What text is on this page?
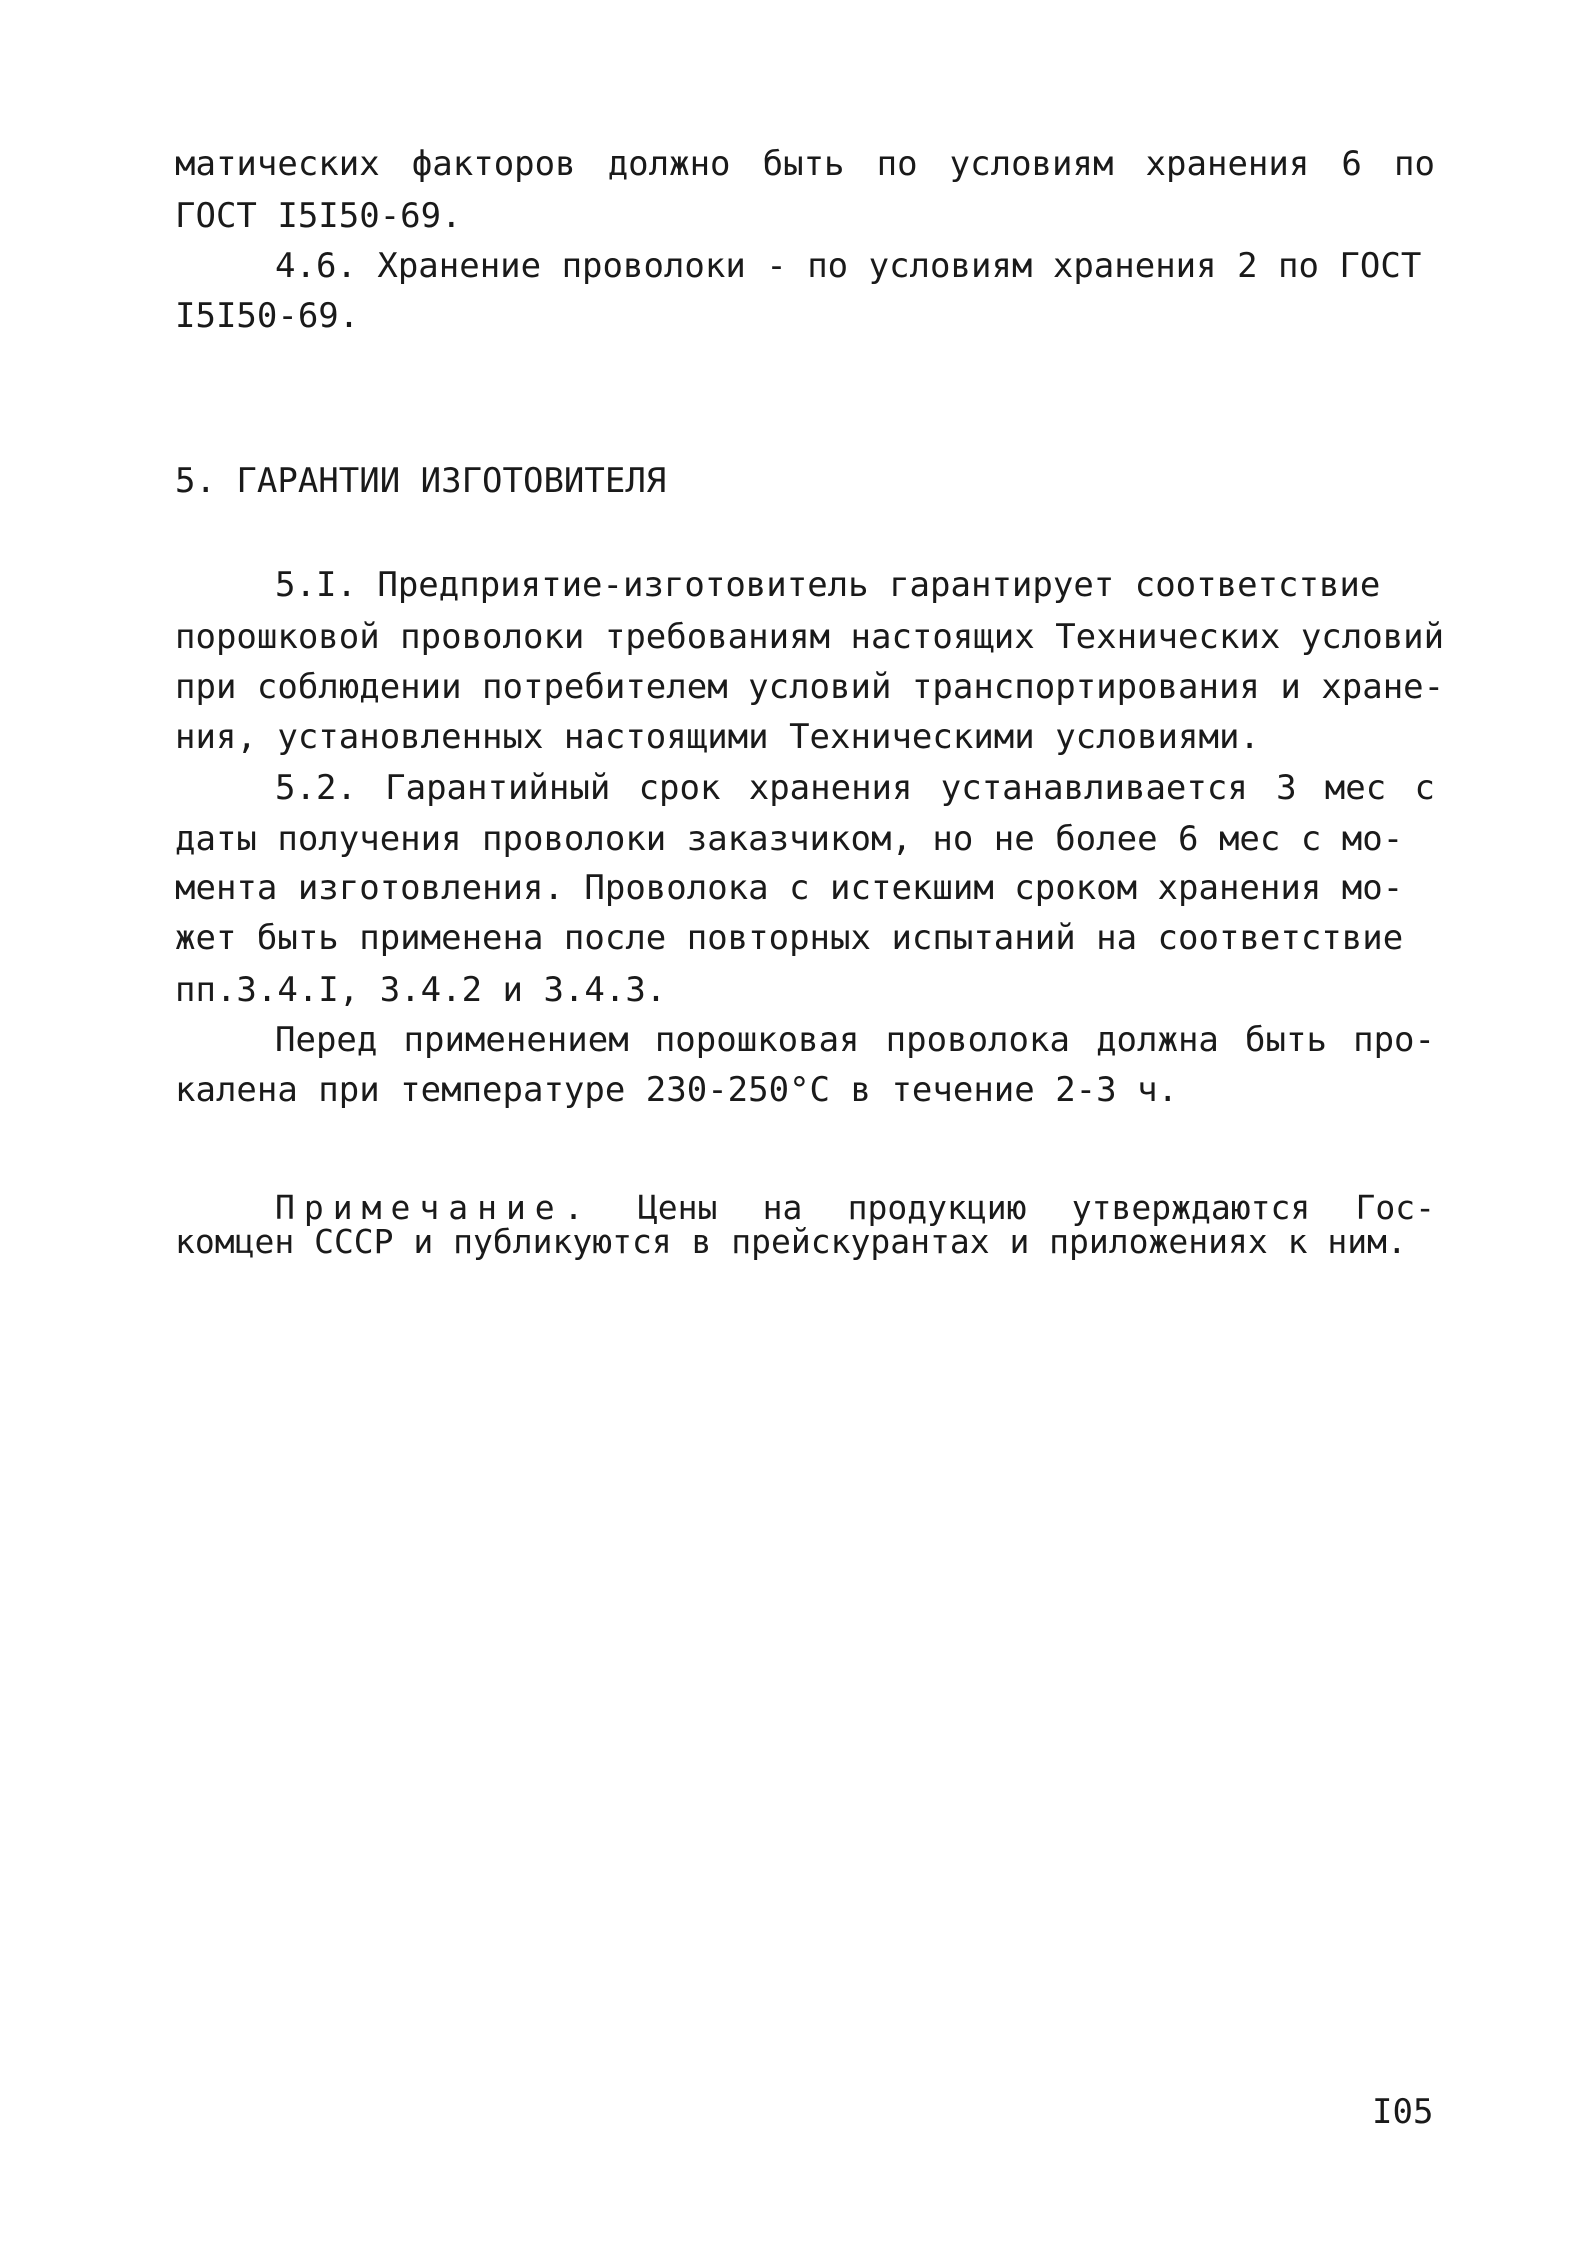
матических факторов должно быть по условиям хранения 6 по
ГОСТ I5I50-69.
4.6. Хранение проволоки - по условиям хранения 2 по ГОСТ
I5I50-69.
5. ГАРАНТИИ ИЗГОТОВИТЕЛЯ
5.I. Предприятие-изготовитель гарантирует соответствие
порошковой проволоки требованиям настоящих Технических условий
при соблюдении потребителем условий транспортирования и хране-
ния, установленных настоящими Техническими условиями.
5.2. Гарантийный срок хранения устанавливается 3 мес с
даты получения проволоки заказчиком, но не более 6 мес с мо-
мента изготовления. Проволока с истекшим сроком хранения мо-
жет быть применена после повторных испытаний на соответствие
пп.3.4.I, 3.4.2 и 3.4.3.
Перед применением порошковая проволока должна быть про-
калена при температуре 230-250°С в течение 2-3 ч.
Примечание. Цены на продукцию утверждаются Гос-
комцен СССР и публикуются в прейскурантах и приложениях к ним.
I05
